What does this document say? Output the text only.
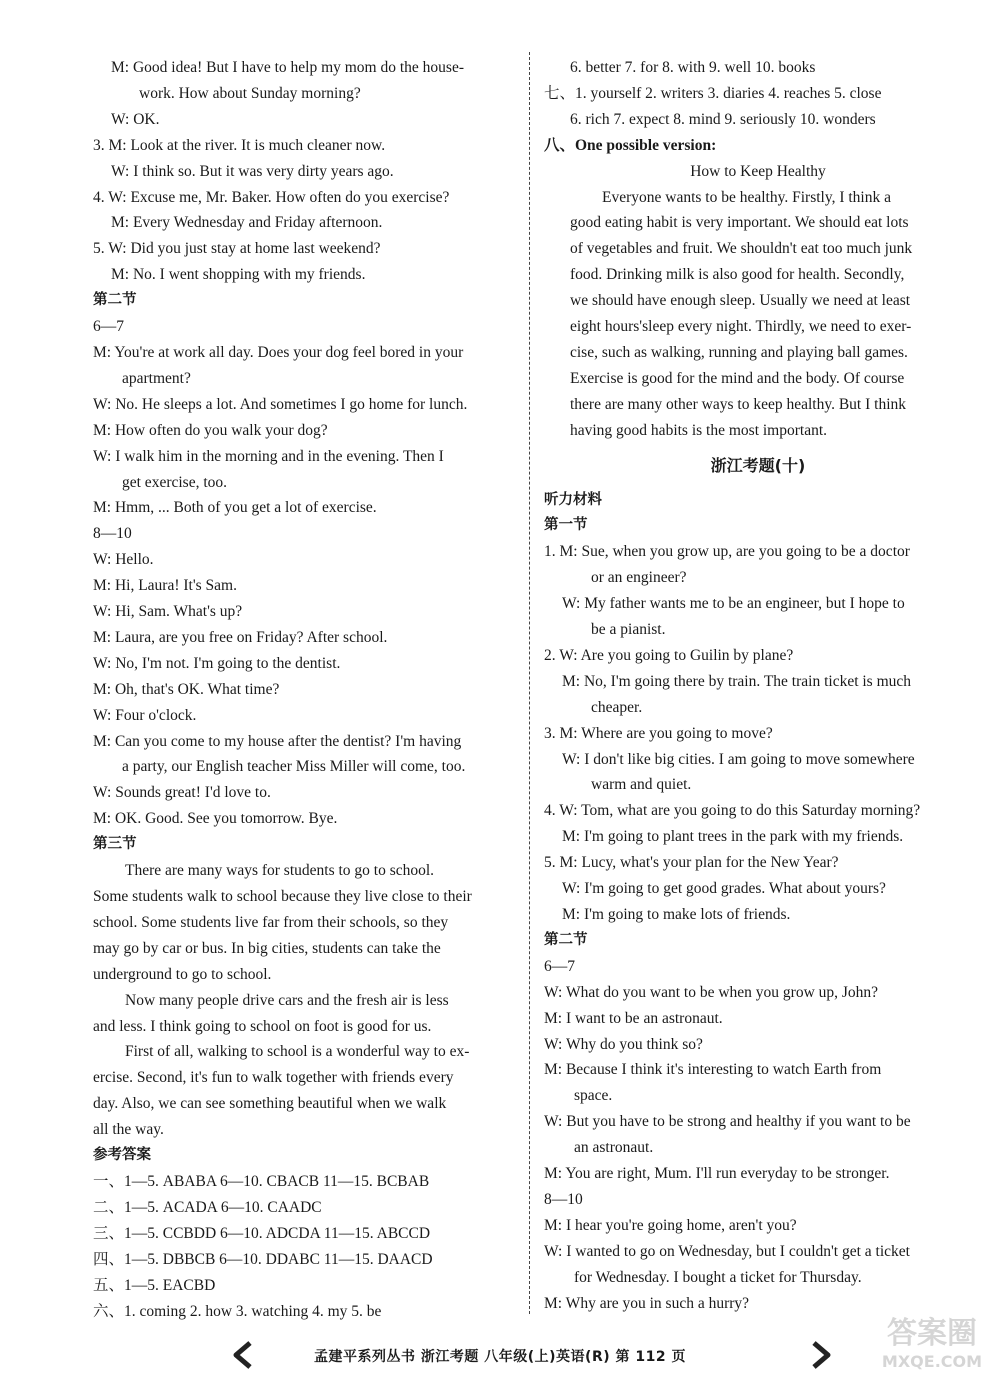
M: Good idea! But I have to help my mom do the house-
work. How about Sunday morning?
W: OK.
3. M: Look at the river. It is much cleaner now.
W: I think so. But it was very dirty years ago.
4. W: Excuse me, Mr. Baker. How often do you exercise?
M: Every Wednesday and Friday afternoon.
5. W: Did you just stay at home last weekend?
M: No. I went shopping with my friends.
第二节
6—7
M: You're at work all day. Does your dog feel bored in your
apartment?
W: No. He sleeps a lot. And sometimes I go home for lunch.
M: How often do you walk your dog?
W: I walk him in the morning and in the evening. Then I
get exercise, too.
M: Hmm, ... Both of you get a lot of exercise.
8—10
W: Hello.
M: Hi, Laura! It's Sam.
W: Hi, Sam. What's up?
M: Laura, are you free on Friday? After school.
W: No, I'm not. I'm going to the dentist.
M: Oh, that's OK. What time?
W: Four o'clock.
M: Can you come to my house after the dentist? I'm having
a party, our English teacher Miss Miller will come, too.
W: Sounds great! I'd love to.
M: OK. Good. See you tomorrow. Bye.
第三节
There are many ways for students to go to school.
Some students walk to school because they live close to their
school. Some students live far from their schools, so they
may go by car or bus. In big cities, students can take the
underground to go to school.
Now many people drive cars and the fresh air is less
and less. I think going to school on foot is good for us.
First of all, walking to school is a wonderful way to ex-
ercise. Second, it's fun to walk together with friends every
day. Also, we can see something beautiful when we walk
all the way.
参考答案
一、1—5. ABABA 6—10. CBACB 11—15. BCBAB
二、1—5. ACADA 6—10. CAADC
三、1—5. CCBDD 6—10. ADCDA 11—15. ABCCD
四、1—5. DBBCB 6—10. DDABC 11—15. DAACD
五、1—5. EACBD
六、1. coming 2. how 3. watching 4. my 5. be
6. better 7. for 8. with 9. well 10. books
七、1. yourself 2. writers 3. diaries 4. reaches 5. close
6. rich 7. expect 8. mind 9. seriously 10. wonders
八、One possible version:
How to Keep Healthy
Everyone wants to be healthy. Firstly, I think a
good eating habit is very important. We should eat lots
of vegetables and fruit. We shouldn't eat too much junk
food. Drinking milk is also good for health. Secondly,
we should have enough sleep. Usually we need at least
eight hours'sleep every night. Thirdly, we need to exer-
cise, such as walking, running and playing ball games.
Exercise is good for the mind and the body. Of course
there are many other ways to keep healthy. But I think
having good habits is the most important.
浙江考题(十)
听力材料
第一节
1. M: Sue, when you grow up, are you going to be a doctor
or an engineer?
W: My father wants me to be an engineer, but I hope to
be a pianist.
2. W: Are you going to Guilin by plane?
M: No, I'm going there by train. The train ticket is much
cheaper.
3. M: Where are you going to move?
W: I don't like big cities. I am going to move somewhere
warm and quiet.
4. W: Tom, what are you going to do this Saturday morning?
M: I'm going to plant trees in the park with my friends.
5. M: Lucy, what's your plan for the New Year?
W: I'm going to get good grades. What about yours?
M: I'm going to make lots of friends.
第二节
6—7
W: What do you want to be when you grow up, John?
M: I want to be an astronaut.
W: Why do you think so?
M: Because I think it's interesting to watch Earth from
space.
W: But you have to be strong and healthy if you want to be
an astronaut.
M: You are right, Mum. I'll run everyday to be stronger.
8—10
M: I hear you're going home, aren't you?
W: I wanted to go on Wednesday, but I couldn't get a ticket
for Wednesday. I bought a ticket for Thursday.
M: Why are you in such a hurry?
孟建平系列丛书 浙江考题 八年级(上)英语(R) 第 112 页
答案圈
MXQE.COM
